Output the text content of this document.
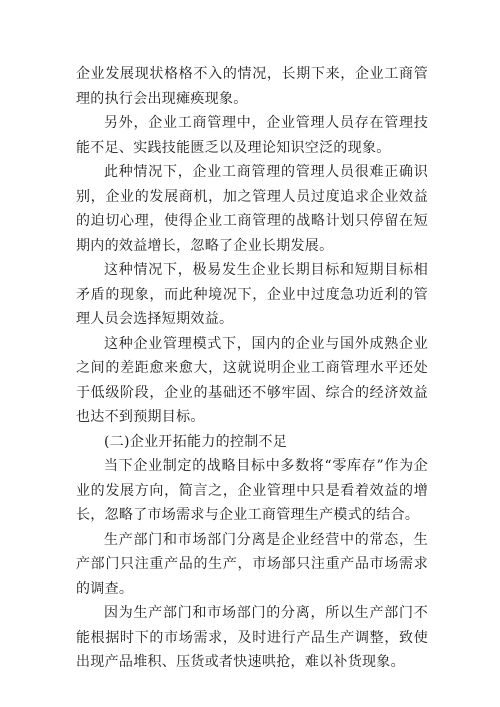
企业发展现状格格不入的情况，长期下来，企业工商管理的执行会出现瘫痪现象。

另外，企业工商管理中，企业管理人员存在管理技能不足、实践技能匮乏以及理论知识空泛的现象。

此种情况下，企业工商管理的管理人员很难正确识别，企业的发展商机，加之管理人员过度追求企业效益的迫切心理，使得企业工商管理的战略计划只停留在短期内的效益增长，忽略了企业长期发展。

这种情况下，极易发生企业长期目标和短期目标相矛盾的现象，而此种境况下，企业中过度急功近利的管理人员会选择短期效益。

这种企业管理模式下，国内的企业与国外成熟企业之间的差距愈来愈大，这就说明企业工商管理水平还处于低级阶段，企业的基础还不够牢固、综合的经济效益也达不到预期目标。

(二)企业开拓能力的控制不足

当下企业制定的战略目标中多数将“零库存”作为企业的发展方向，简言之，企业管理中只是看着效益的增长，忽略了市场需求与企业工商管理生产模式的结合。

生产部门和市场部门分离是企业经营中的常态，生产部门只注重产品的生产，市场部只注重产品市场需求的调查。

因为生产部门和市场部门的分离，所以生产部门不能根据时下的市场需求，及时进行产品生产调整，致使出现产品堆积、压货或者快速哄抢，难以补货现象。
